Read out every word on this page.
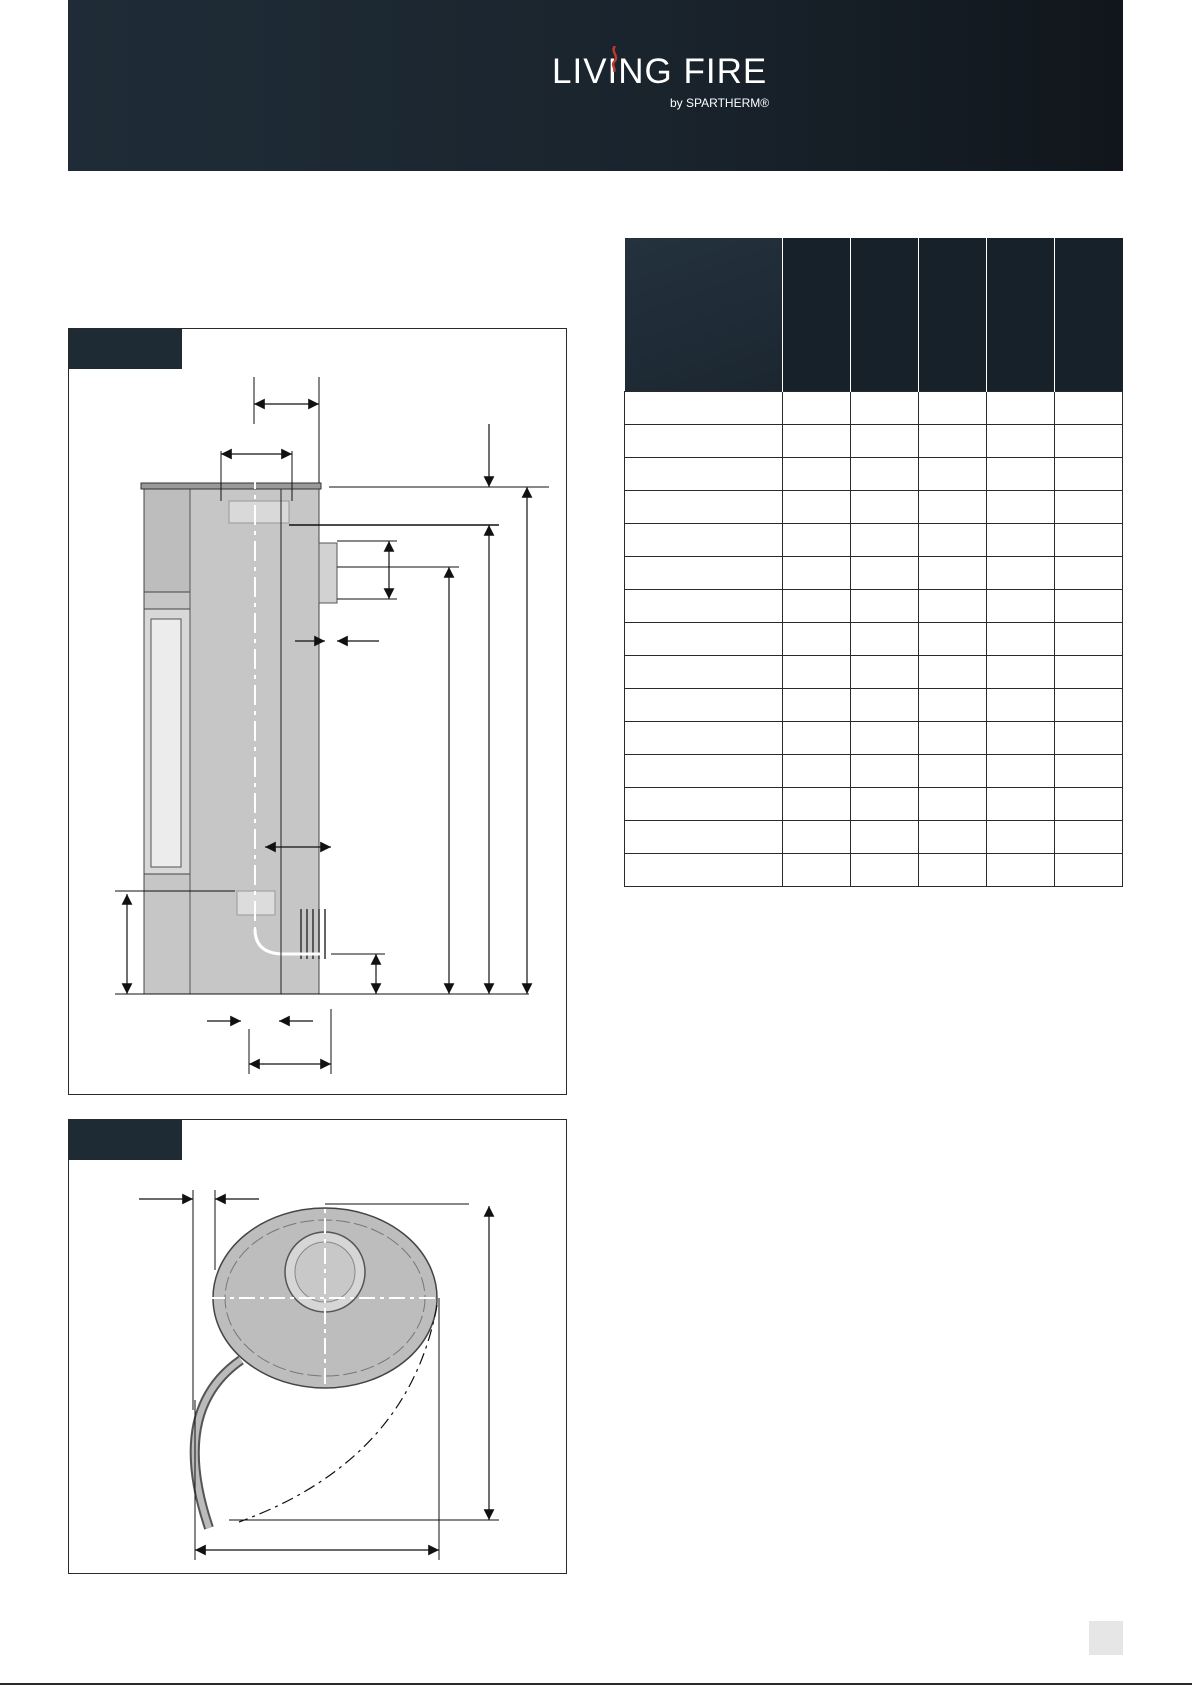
LIVING FIRE
by SPARTHERM®
